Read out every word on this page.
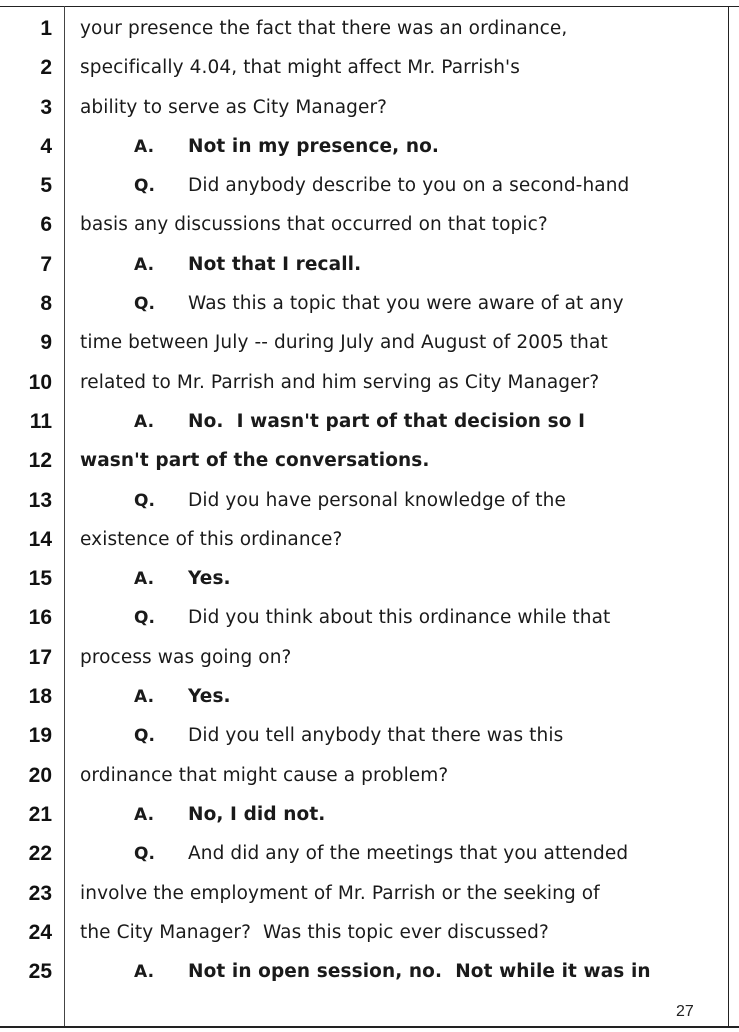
1 your presence the fact that there was an ordinance,
2 specifically 4.04, that might affect Mr. Parrish's
3 ability to serve as City Manager?
4	A. Not in my presence, no.
5	Q. Did anybody describe to you on a second-hand
6 basis any discussions that occurred on that topic?
7	A. Not that I recall.
8	Q. Was this a topic that you were aware of at any
9 time between July -- during July and August of 2005 that
10 related to Mr. Parrish and him serving as City Manager?
11	A. No.  I wasn't part of that decision so I
12 wasn't part of the conversations.
13	Q. Did you have personal knowledge of the
14 existence of this ordinance?
15	A. Yes.
16	Q. Did you think about this ordinance while that
17 process was going on?
18	A. Yes.
19	Q. Did you tell anybody that there was this
20 ordinance that might cause a problem?
21	A. No, I did not.
22	Q. And did any of the meetings that you attended
23 involve the employment of Mr. Parrish or the seeking of
24 the City Manager?  Was this topic ever discussed?
25	A. Not in open session, no.  Not while it was in
27
